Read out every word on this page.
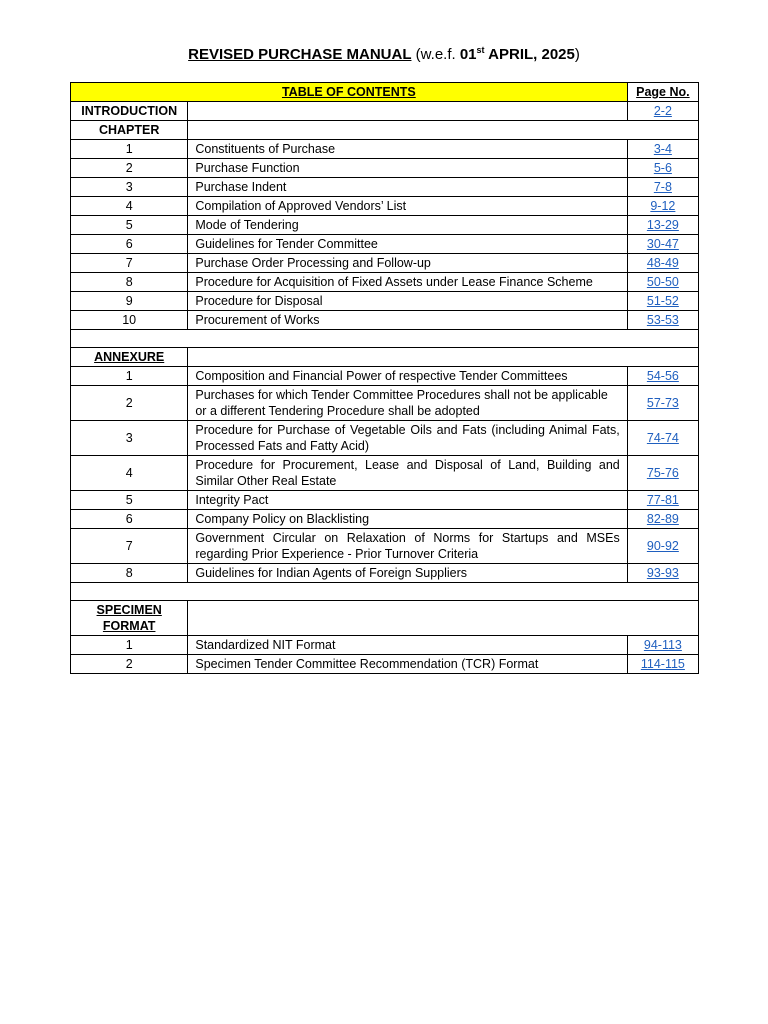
REVISED PURCHASE MANUAL (w.e.f. 01st APRIL, 2025)
TABLE OF CONTENTS		Page No.
INTRODUCTION		2-2
CHAPTER		
1	Constituents of Purchase	3-4
2	Purchase Function	5-6
3	Purchase Indent	7-8
4	Compilation of Approved Vendors’ List	9-12
5	Mode of Tendering	13-29
6	Guidelines for Tender Committee	30-47
7	Purchase Order Processing and Follow-up	48-49
8	Procedure for Acquisition of Fixed Assets under Lease Finance Scheme	50-50
9	Procedure for Disposal	51-52
10	Procurement of Works	53-53

ANNEXURE		
1	Composition and Financial Power of respective Tender Committees	54-56
2	Purchases for which Tender Committee Procedures shall not be applicable or a different Tendering Procedure shall be adopted	57-73
3	Procedure for Purchase of Vegetable Oils and Fats (including Animal Fats, Processed Fats and Fatty Acid)	74-74
4	Procedure for Procurement, Lease and Disposal of Land, Building and Similar Other Real Estate	75-76
5	Integrity Pact	77-81
6	Company Policy on Blacklisting	82-89
7	Government Circular on Relaxation of Norms for Startups and MSEs regarding Prior Experience - Prior Turnover Criteria	90-92
8	Guidelines for Indian Agents of Foreign Suppliers	93-93

SPECIMEN
FORMAT		
1	Standardized NIT Format	94-113
2	Specimen Tender Committee Recommendation (TCR) Format	114-115
